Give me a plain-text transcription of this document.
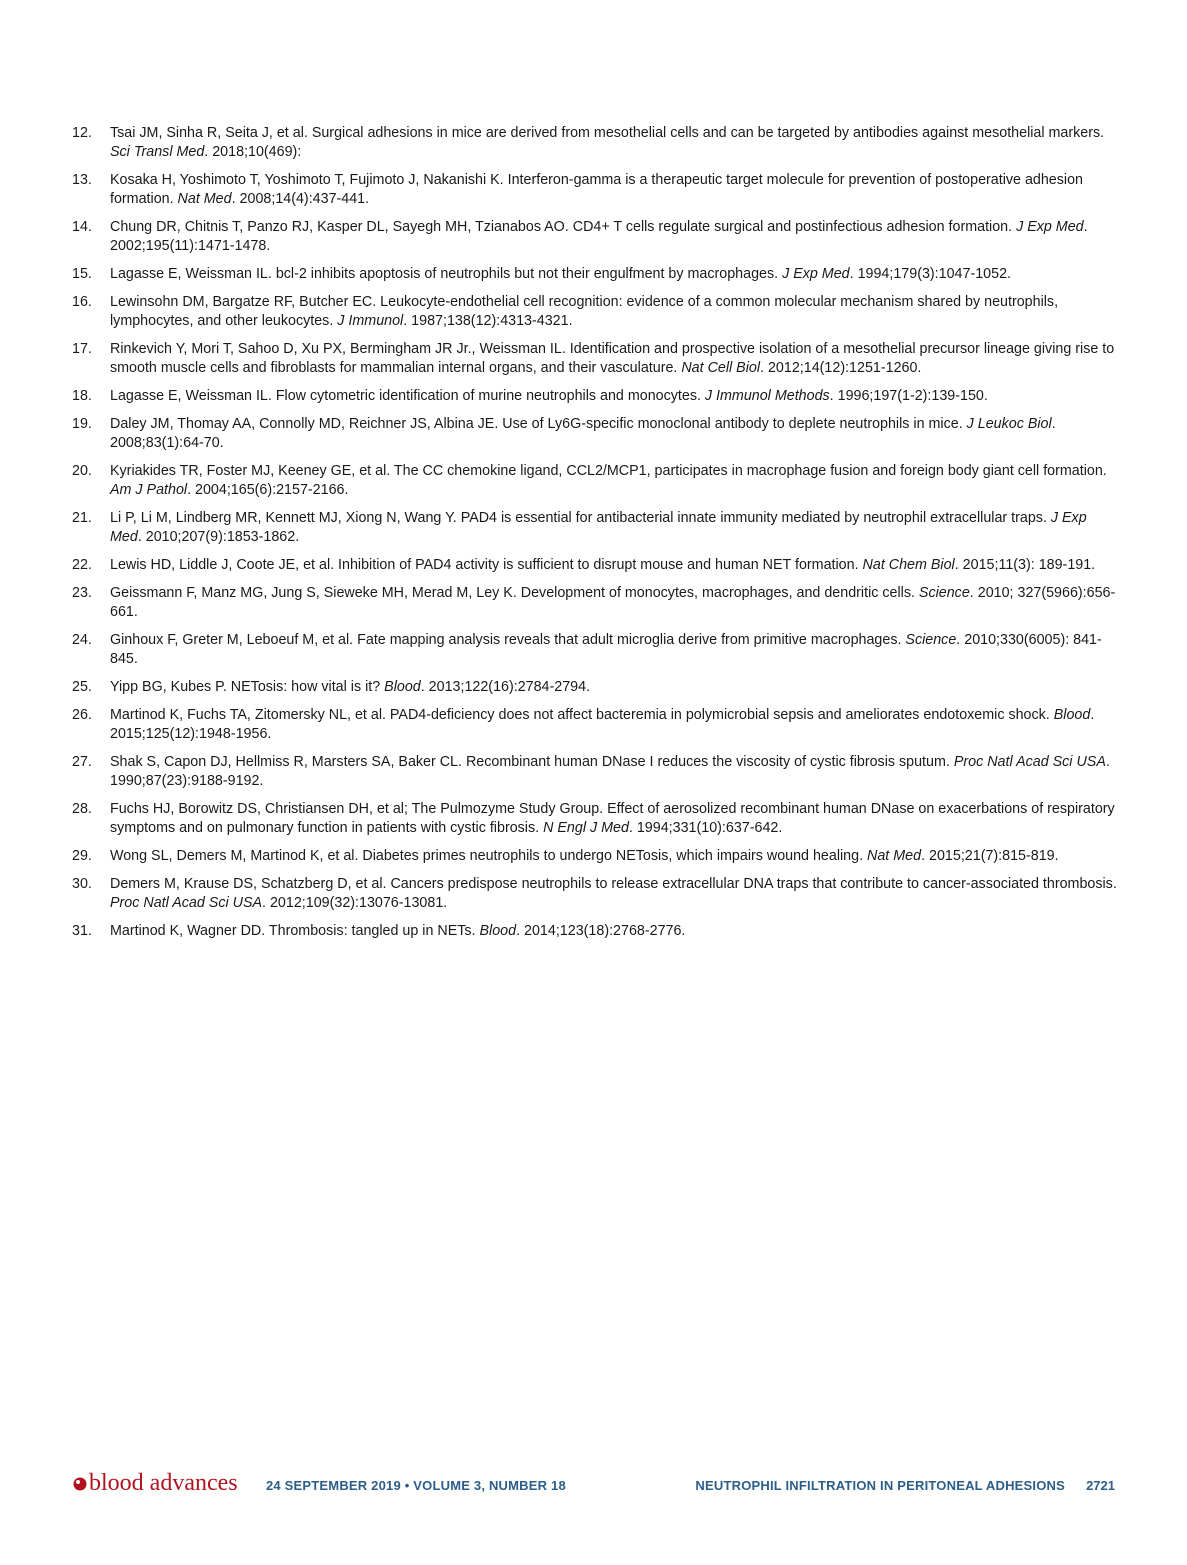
12.	Tsai JM, Sinha R, Seita J, et al. Surgical adhesions in mice are derived from mesothelial cells and can be targeted by antibodies against mesothelial markers. Sci Transl Med. 2018;10(469):
13.	Kosaka H, Yoshimoto T, Yoshimoto T, Fujimoto J, Nakanishi K. Interferon-gamma is a therapeutic target molecule for prevention of postoperative adhesion formation. Nat Med. 2008;14(4):437-441.
14.	Chung DR, Chitnis T, Panzo RJ, Kasper DL, Sayegh MH, Tzianabos AO. CD4+ T cells regulate surgical and postinfectious adhesion formation. J Exp Med. 2002;195(11):1471-1478.
15.	Lagasse E, Weissman IL. bcl-2 inhibits apoptosis of neutrophils but not their engulfment by macrophages. J Exp Med. 1994;179(3):1047-1052.
16.	Lewinsohn DM, Bargatze RF, Butcher EC. Leukocyte-endothelial cell recognition: evidence of a common molecular mechanism shared by neutrophils, lymphocytes, and other leukocytes. J Immunol. 1987;138(12):4313-4321.
17.	Rinkevich Y, Mori T, Sahoo D, Xu PX, Bermingham JR Jr., Weissman IL. Identification and prospective isolation of a mesothelial precursor lineage giving rise to smooth muscle cells and fibroblasts for mammalian internal organs, and their vasculature. Nat Cell Biol. 2012;14(12):1251-1260.
18.	Lagasse E, Weissman IL. Flow cytometric identification of murine neutrophils and monocytes. J Immunol Methods. 1996;197(1-2):139-150.
19.	Daley JM, Thomay AA, Connolly MD, Reichner JS, Albina JE. Use of Ly6G-specific monoclonal antibody to deplete neutrophils in mice. J Leukoc Biol. 2008;83(1):64-70.
20.	Kyriakides TR, Foster MJ, Keeney GE, et al. The CC chemokine ligand, CCL2/MCP1, participates in macrophage fusion and foreign body giant cell formation. Am J Pathol. 2004;165(6):2157-2166.
21.	Li P, Li M, Lindberg MR, Kennett MJ, Xiong N, Wang Y. PAD4 is essential for antibacterial innate immunity mediated by neutrophil extracellular traps. J Exp Med. 2010;207(9):1853-1862.
22.	Lewis HD, Liddle J, Coote JE, et al. Inhibition of PAD4 activity is sufficient to disrupt mouse and human NET formation. Nat Chem Biol. 2015;11(3): 189-191.
23.	Geissmann F, Manz MG, Jung S, Sieweke MH, Merad M, Ley K. Development of monocytes, macrophages, and dendritic cells. Science. 2010; 327(5966):656-661.
24.	Ginhoux F, Greter M, Leboeuf M, et al. Fate mapping analysis reveals that adult microglia derive from primitive macrophages. Science. 2010;330(6005): 841-845.
25.	Yipp BG, Kubes P. NETosis: how vital is it? Blood. 2013;122(16):2784-2794.
26.	Martinod K, Fuchs TA, Zitomersky NL, et al. PAD4-deficiency does not affect bacteremia in polymicrobial sepsis and ameliorates endotoxemic shock. Blood. 2015;125(12):1948-1956.
27.	Shak S, Capon DJ, Hellmiss R, Marsters SA, Baker CL. Recombinant human DNase I reduces the viscosity of cystic fibrosis sputum. Proc Natl Acad Sci USA. 1990;87(23):9188-9192.
28.	Fuchs HJ, Borowitz DS, Christiansen DH, et al; The Pulmozyme Study Group. Effect of aerosolized recombinant human DNase on exacerbations of respiratory symptoms and on pulmonary function in patients with cystic fibrosis. N Engl J Med. 1994;331(10):637-642.
29.	Wong SL, Demers M, Martinod K, et al. Diabetes primes neutrophils to undergo NETosis, which impairs wound healing. Nat Med. 2015;21(7):815-819.
30.	Demers M, Krause DS, Schatzberg D, et al. Cancers predispose neutrophils to release extracellular DNA traps that contribute to cancer-associated thrombosis. Proc Natl Acad Sci USA. 2012;109(32):13076-13081.
31.	Martinod K, Wagner DD. Thrombosis: tangled up in NETs. Blood. 2014;123(18):2768-2776.
blood advances 24 SEPTEMBER 2019 • VOLUME 3, NUMBER 18	NEUTROPHIL INFILTRATION IN PERITONEAL ADHESIONS 2721
